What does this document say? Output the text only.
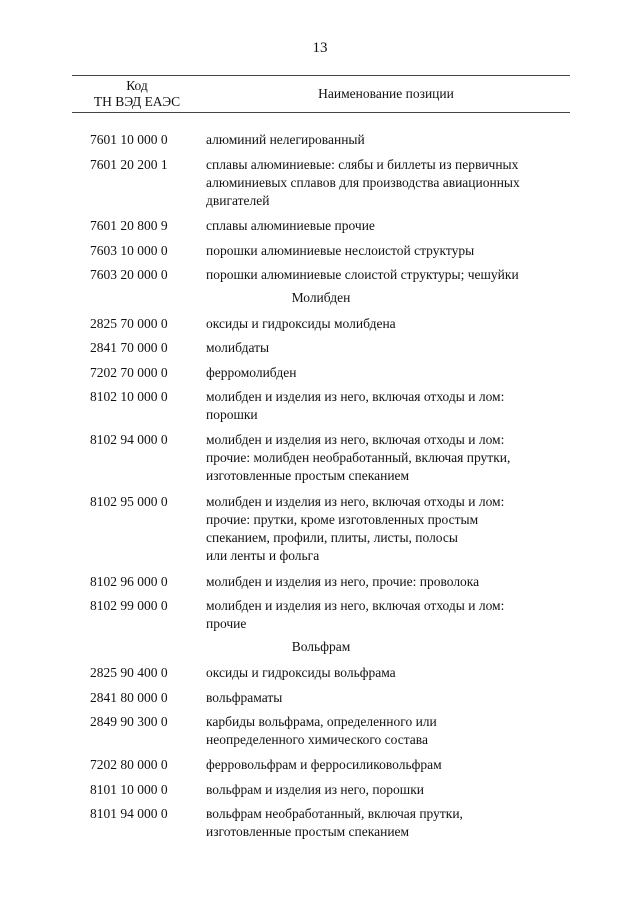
13
Код
ТН ВЭД ЕАЭС
Наименование позиции
7601 10 000 0	алюминий нелегированный
7601 20 200 1	сплавы алюминиевые: слябы и биллеты из первичных
алюминиевых сплавов для производства авиационных
двигателей
7601 20 800 9	сплавы алюминиевые прочие
7603 10 000 0	порошки алюминиевые неслоистой структуры
7603 20 000 0	порошки алюминиевые слоистой структуры; чешуйки
Молибден
2825 70 000 0	оксиды и гидроксиды молибдена
2841 70 000 0	молибдаты
7202 70 000 0	ферромолибден
8102 10 000 0	молибден и изделия из него, включая отходы и лом:
порошки
8102 94 000 0	молибден и изделия из него, включая отходы и лом:
прочие: молибден необработанный, включая прутки,
изготовленные простым спеканием
8102 95 000 0	молибден и изделия из него, включая отходы и лом:
прочие: прутки, кроме изготовленных простым
спеканием, профили, плиты, листы, полосы
или ленты и фольга
8102 96 000 0	молибден и изделия из него, прочие: проволока
8102 99 000 0	молибден и изделия из него, включая отходы и лом:
прочие
Вольфрам
2825 90 400 0	оксиды и гидроксиды вольфрама
2841 80 000 0	вольфраматы
2849 90 300 0	карбиды вольфрама, определенного или
неопределенного химического состава
7202 80 000 0	ферровольфрам и ферросиликовольфрам
8101 10 000 0	вольфрам и изделия из него, порошки
8101 94 000 0	вольфрам необработанный, включая прутки,
изготовленные простым спеканием
